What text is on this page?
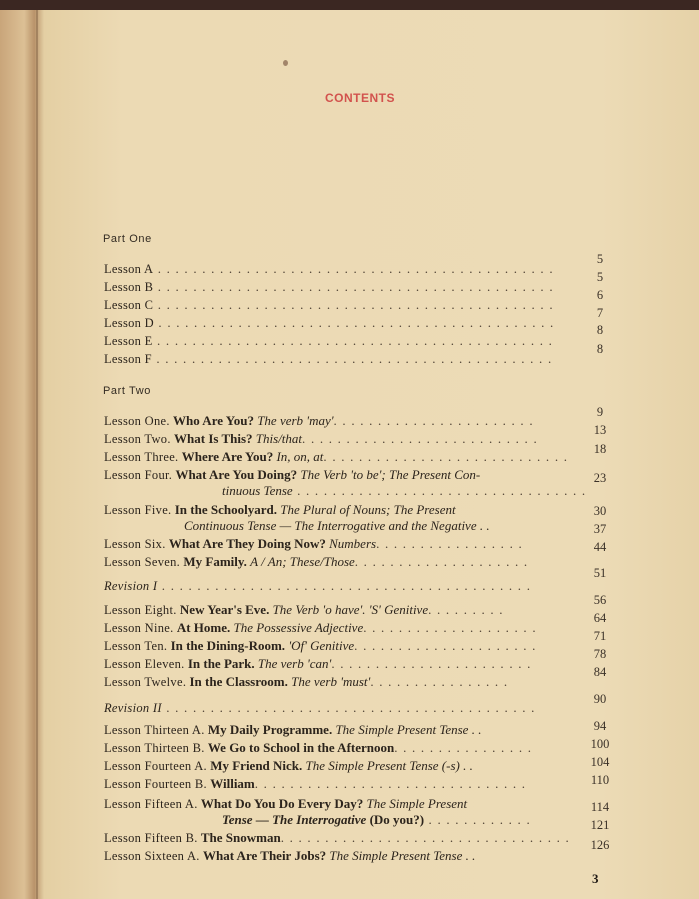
CONTENTS
Part One
Lesson A . . . . . . . . . . . . . . . . . . . . . . . . . . . . . . . . . . . . . . . . . . . . .
Lesson B . . . . . . . . . . . . . . . . . . . . . . . . . . . . . . . . . . . . . . . . . . . . .
Lesson C . . . . . . . . . . . . . . . . . . . . . . . . . . . . . . . . . . . . . . . . . . . . .
Lesson D . . . . . . . . . . . . . . . . . . . . . . . . . . . . . . . . . . . . . . . . . . . . .
Lesson E . . . . . . . . . . . . . . . . . . . . . . . . . . . . . . . . . . . . . . . . . . . . .
Lesson F . . . . . . . . . . . . . . . . . . . . . . . . . . . . . . . . . . . . . . . . . . . . .
5
5
6
7
8
8
Part Two
Lesson One. Who Are You? The verb 'may'. . . . . . . . . . . . . . . . . . . . . . .
Lesson Two. What Is This? This/that. . . . . . . . . . . . . . . . . . . . . . . . . . .
Lesson Three. Where Are You? In, on, at. . . . . . . . . . . . . . . . . . . . . . . . . . . .
Lesson Four. What Are You Doing? The Verb 'to be'; The Present Con-
tinuous Tense . . . . . . . . . . . . . . . . . . . . . . . . . . . . . . . . .
Lesson Five. In the Schoolyard. The Plural of Nouns; The Present
Continuous Tense — The Interrogative and the Negative . .
Lesson Six. What Are They Doing Now? Numbers. . . . . . . . . . . . . . . . .
Lesson Seven. My Family. A / An; These/Those. . . . . . . . . . . . . . . . . . . .
Revision I . . . . . . . . . . . . . . . . . . . . . . . . . . . . . . . . . . . . . . . . . .
Lesson Eight. New Year's Eve. The Verb 'o have'. 'S' Genitive. . . . . . . . .
Lesson Nine. At Home. The Possessive Adjective. . . . . . . . . . . . . . . . . . . .
Lesson Ten. In the Dining-Room. 'Of' Genitive. . . . . . . . . . . . . . . . . . . . .
Lesson Eleven. In the Park. The verb 'can'. . . . . . . . . . . . . . . . . . . . . . .
Lesson Twelve. In the Classroom. The verb 'must'. . . . . . . . . . . . . . . .
Revision II . . . . . . . . . . . . . . . . . . . . . . . . . . . . . . . . . . . . . . . . . .
Lesson Thirteen A. My Daily Programme. The Simple Present Tense . .
Lesson Thirteen B. We Go to School in the Afternoon. . . . . . . . . . . . . . . .
Lesson Fourteen A. My Friend Nick. The Simple Present Tense (-s) . .
Lesson Fourteen B. William. . . . . . . . . . . . . . . . . . . . . . . . . . . . . . .
Lesson Fifteen A. What Do You Do Every Day? The Simple Present
Tense — The Interrogative (Do you?) . . . . . . . . . . . .
Lesson Fifteen B. The Snowman. . . . . . . . . . . . . . . . . . . . . . . . . . . . . . . . .
Lesson Sixteen A. What Are Their Jobs? The Simple Present Tense . .
9
13
18
23
30
37
44
51
56
64
71
78
84
90
94
100
104
110
114
121
126
3
